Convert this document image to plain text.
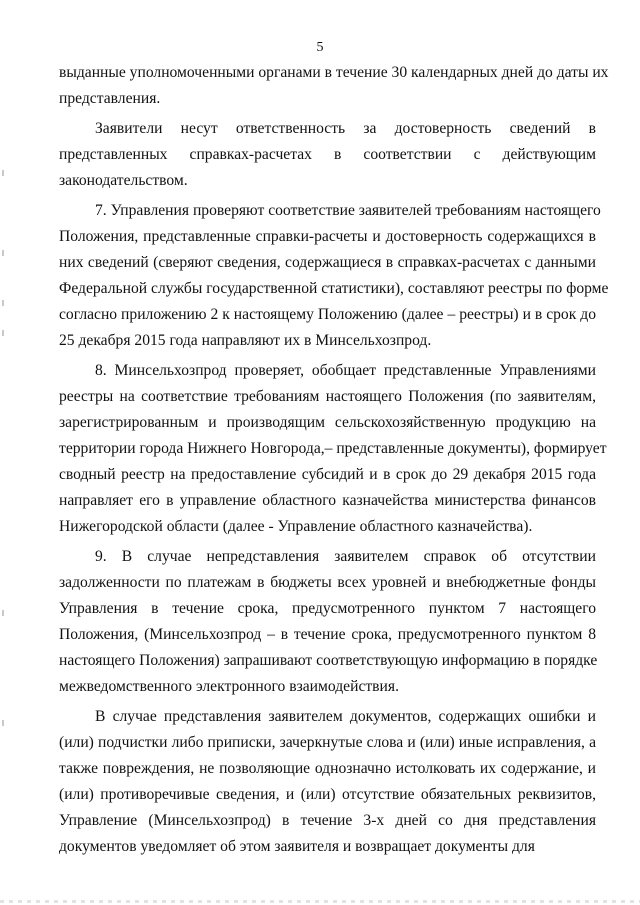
5
выданные уполномоченными органами в течение 30 календарных дней до даты их
представления.
Заявители несут ответственность за достоверность сведений в
представленных справках-расчетах в соответствии с действующим
законодательством.
7. Управления проверяют соответствие заявителей требованиям настоящего
Положения, представленные справки-расчеты и достоверность содержащихся в
них сведений (сверяют сведения, содержащиеся в справках-расчетах с данными
Федеральной службы государственной статистики), составляют реестры по форме
согласно приложению 2 к настоящему Положению (далее – реестры) и в срок до
25 декабря 2015 года направляют их в Минсельхозпрод.
8. Минсельхозпрод проверяет, обобщает представленные Управлениями
реестры на соответствие требованиям настоящего Положения (по заявителям,
зарегистрированным и производящим сельскохозяйственную продукцию на
территории города Нижнего Новгорода,– представленные документы), формирует
сводный реестр на предоставление субсидий и в срок до 29 декабря 2015 года
направляет его в управление областного казначейства министерства финансов
Нижегородской области (далее - Управление областного казначейства).
9. В случае непредставления заявителем справок об отсутствии
задолженности по платежам в бюджеты всех уровней и внебюджетные фонды
Управления в течение срока, предусмотренного пунктом 7 настоящего
Положения, (Минсельхозпрод – в течение срока, предусмотренного пунктом 8
настоящего Положения) запрашивают соответствующую информацию в порядке
межведомственного электронного взаимодействия.
В случае представления заявителем документов, содержащих ошибки и
(или) подчистки либо приписки, зачеркнутые слова и (или) иные исправления, а
также повреждения, не позволяющие однозначно истолковать их содержание, и
(или) противоречивые сведения, и (или) отсутствие обязательных реквизитов,
Управление (Минсельхозпрод) в течение 3-х дней со дня представления
документов уведомляет об этом заявителя и возвращает документы для
